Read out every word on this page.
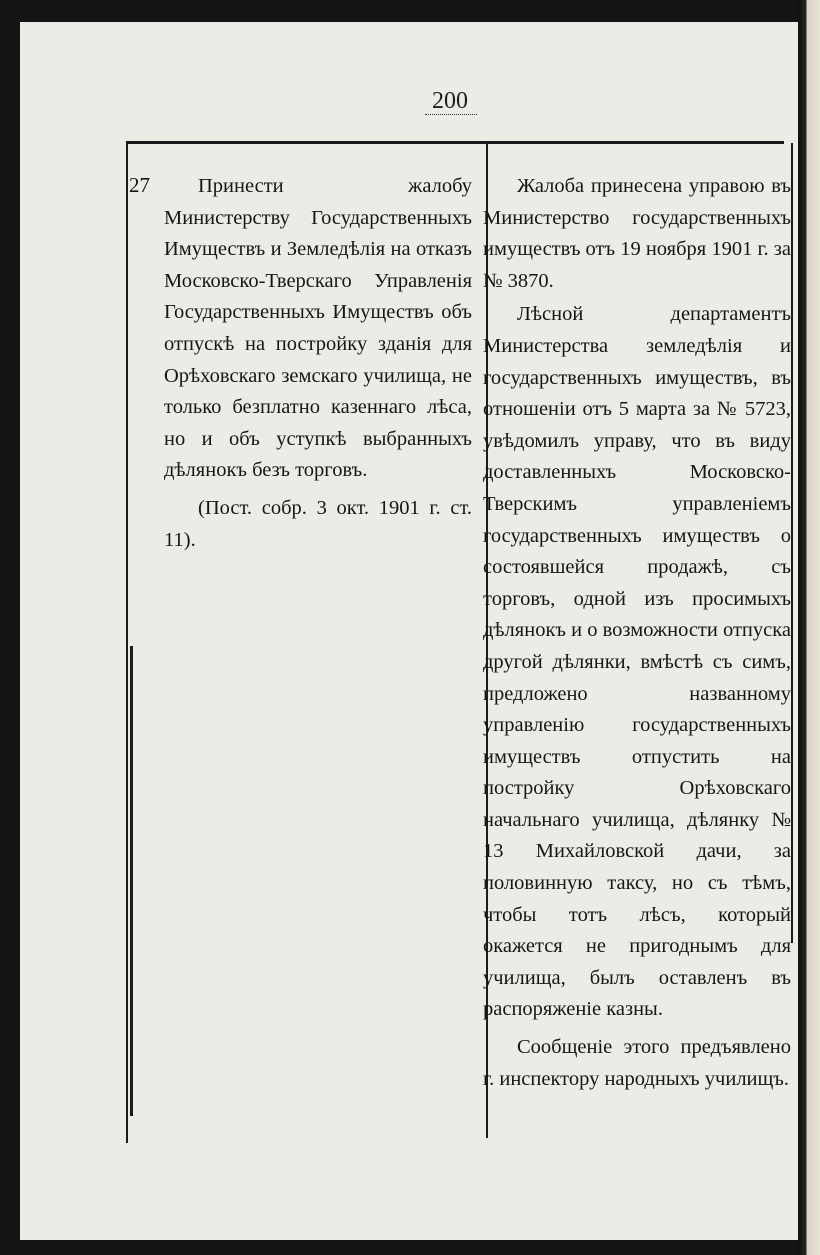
200
27	Принести жалобу Министерству Государственныхъ Имуществъ и Земледѣлія на отказъ Московско-Тверскаго Управленія Государственныхъ Имуществъ объ отпускѣ на постройку зданія для Орѣховскаго земскаго училища, не только безплатно казеннаго лѣса, но и объ уступкѣ выбранныхъ дѣлянокъ безъ торговъ.

(Пост. собр. 3 окт. 1901 г. ст. 11).

Жалоба принесена управою въ Министерство государственныхъ имуществъ отъ 19 ноября 1901 г. за № 3870.

Лѣсной департаментъ Министерства земледѣлія и государственныхъ имуществъ, въ отношеніи отъ 5 марта за № 5723, увѣдомилъ управу, что въ виду доставленныхъ Московско-Тверскимъ управленіемъ государственныхъ имуществъ о состоявшейся продажѣ, съ торговъ, одной изъ просимыхъ дѣлянокъ и о возможности отпуска другой дѣлянки, вмѣстѣ съ симъ, предложено названному управленію государственныхъ имуществъ отпустить на постройку Орѣховскаго начальнаго училища, дѣлянку № 13 Михайловской дачи, за половинную таксу, но съ тѣмъ, чтобы тотъ лѣсъ, который окажется не пригоднымъ для училища, былъ оставленъ въ распоряженіе казны.

Сообщеніе этого предъявлено г. инспектору народныхъ училищъ.
